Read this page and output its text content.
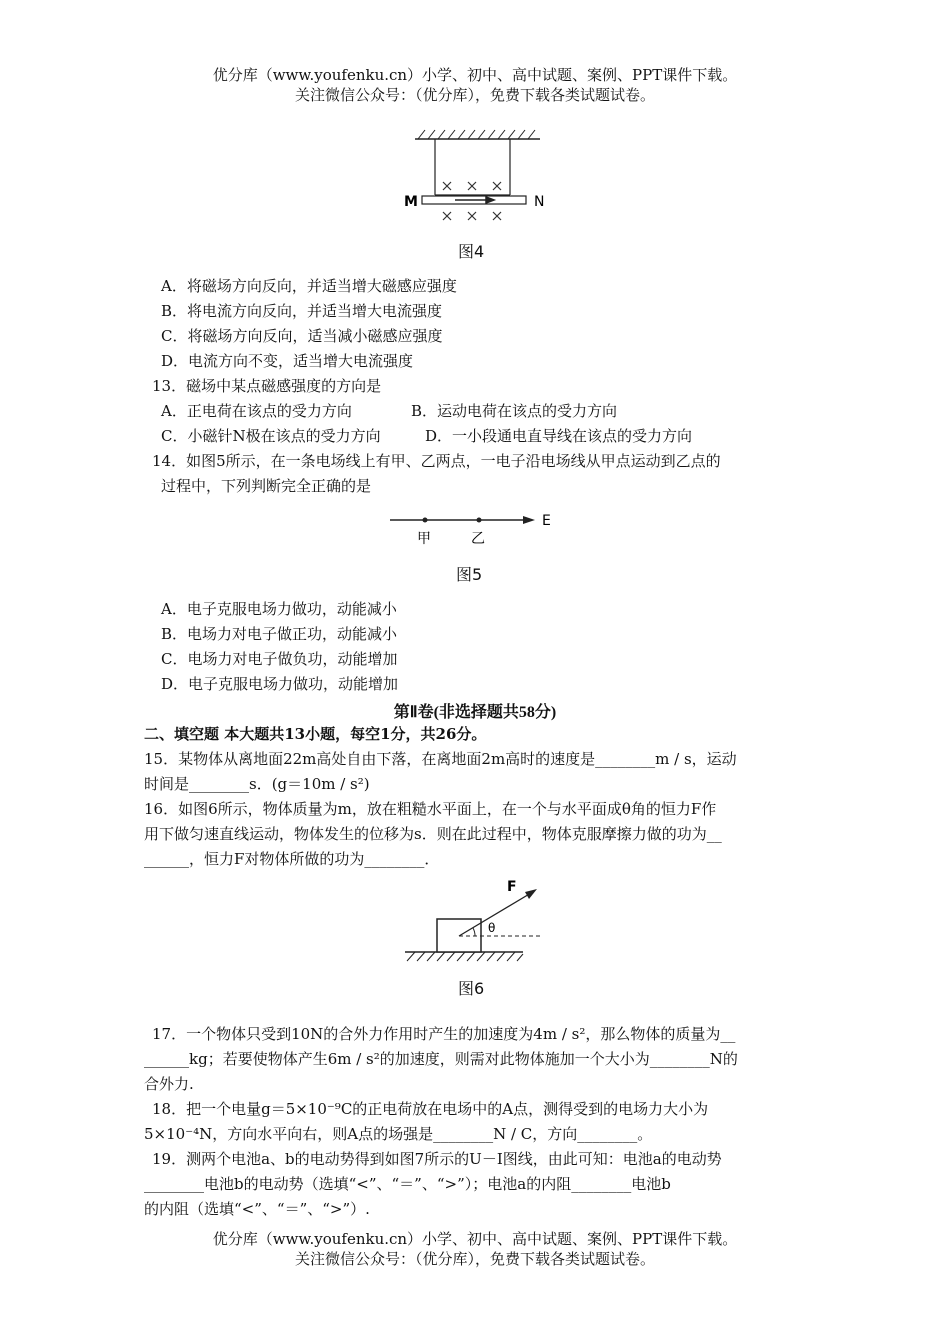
优分库（www.youfenku.cn）小学、初中、高中试题、案例、PPT课件下载。
关注微信公众号：（优分库），免费下载各类试题试卷。
M	N
图4
A．将磁场方向反向，并适当增大磁感应强度
B．将电流方向反向，并适当增大电流强度
C．将磁场方向反向，适当减小磁感应强度
D．电流方向不变，适当增大电流强度
13．磁场中某点磁感强度的方向是
A．正电荷在该点的受力方向	B．运动电荷在该点的受力方向
C．小磁针N极在该点的受力方向	D．一小段通电直导线在该点的受力方向
14．如图5所示，在一条电场线上有甲、乙两点，一电子沿电场线从甲点运动到乙点的
过程中，下列判断完全正确的是
E
甲	乙
图5
A．电子克服电场力做功，动能减小
B．电场力对电子做正功，动能减小
C．电场力对电子做负功，动能增加
D．电子克服电场力做功，动能增加
第Ⅱ卷(非选择题共58分)
二、填空题 本大题共13小题，每空1分，共26分。
15．某物体从离地面22m高处自由下落，在离地面2m高时的速度是________m / s，运动
时间是________s．(g＝10m / s²)
16．如图6所示，物体质量为m，放在粗糙水平面上，在一个与水平面成θ角的恒力F作
用下做匀速直线运动，物体发生的位移为s．则在此过程中，物体克服摩擦力做的功为__
______，恒力F对物体所做的功为________．
F
θ
图6
17．一个物体只受到10N的合外力作用时产生的加速度为4m / s²，那么物体的质量为__
______kg；若要使物体产生6m / s²的加速度，则需对此物体施加一个大小为________N的
合外力.
18．把一个电量g＝5×10⁻⁹C的正电荷放在电场中的A点，测得受到的电场力大小为
5×10⁻⁴N，方向水平向右，则A点的场强是________N / C，方向________。
19．测两个电池a、b的电动势得到如图7所示的U－I图线，由此可知：电池a的电动势
________电池b的电动势（选填“<”、“＝”、“>”）；电池a的内阻________电池b
的内阻（选填“<”、“＝”、“>”）.
优分库（www.youfenku.cn）小学、初中、高中试题、案例、PPT课件下载。
关注微信公众号：（优分库），免费下载各类试题试卷。
